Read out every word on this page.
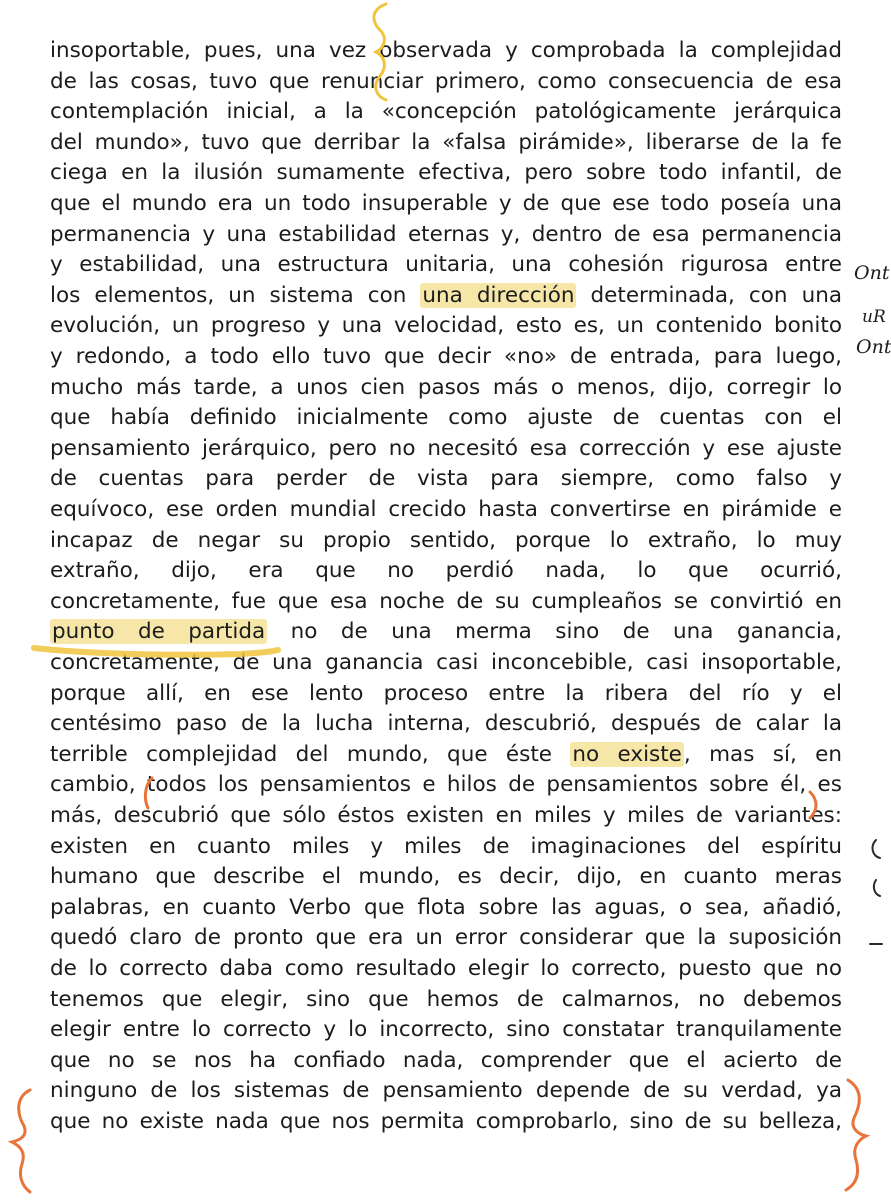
insoportable, pues, una vez observada y comprobada la complejidad
de las cosas, tuvo que renunciar primero, como consecuencia de esa
contemplación inicial, a la «concepción patológicamente jerárquica
del mundo», tuvo que derribar la «falsa pirámide», liberarse de la fe
ciega en la ilusión sumamente efectiva, pero sobre todo infantil, de
que el mundo era un todo insuperable y de que ese todo poseía una
permanencia y una estabilidad eternas y, dentro de esa permanencia
y estabilidad, una estructura unitaria, una cohesión rigurosa entre
los elementos, un sistema con una dirección determinada, con una
evolución, un progreso y una velocidad, esto es, un contenido bonito
y redondo, a todo ello tuvo que decir «no» de entrada, para luego,
mucho más tarde, a unos cien pasos más o menos, dijo, corregir lo
que había definido inicialmente como ajuste de cuentas con el
pensamiento jerárquico, pero no necesitó esa corrección y ese ajuste
de cuentas para perder de vista para siempre, como falso y
equívoco, ese orden mundial crecido hasta convertirse en pirámide e
incapaz de negar su propio sentido, porque lo extraño, lo muy
extraño, dijo, era que no perdió nada, lo que ocurrió,
concretamente, fue que esa noche de su cumpleaños se convirtió en
punto de partida no de una merma sino de una ganancia,
concretamente, de una ganancia casi inconcebible, casi insoportable,
porque allí, en ese lento proceso entre la ribera del río y el
centésimo paso de la lucha interna, descubrió, después de calar la
terrible complejidad del mundo, que éste no existe, mas sí, en
cambio, todos los pensamientos e hilos de pensamientos sobre él, es
más, descubrió que sólo éstos existen en miles y miles de variantes:
existen en cuanto miles y miles de imaginaciones del espíritu
humano que describe el mundo, es decir, dijo, en cuanto meras
palabras, en cuanto Verbo que flota sobre las aguas, o sea, añadió,
quedó claro de pronto que era un error considerar que la suposición
de lo correcto daba como resultado elegir lo correcto, puesto que no
tenemos que elegir, sino que hemos de calmarnos, no debemos
elegir entre lo correcto y lo incorrecto, sino constatar tranquilamente
que no se nos ha confiado nada, comprender que el acierto de
ninguno de los sistemas de pensamiento depende de su verdad, ya
que no existe nada que nos permita comprobarlo, sino de su belleza,
Ont
uR
Ont
